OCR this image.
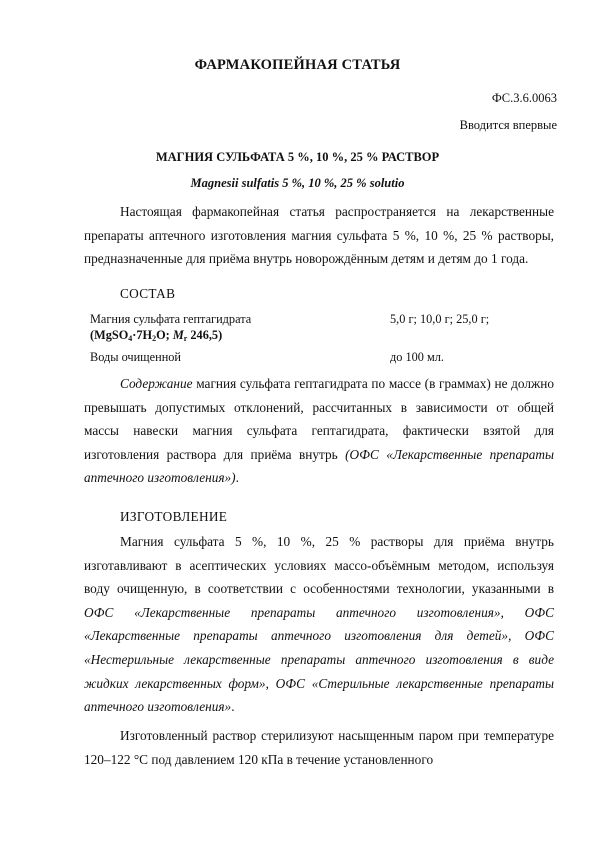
ФАРМАКОПЕЙНАЯ СТАТЬЯ
ФС.3.6.0063
Вводится впервые
МАГНИЯ СУЛЬФАТА 5 %, 10 %, 25 % РАСТВОР
Magnesii sulfatis 5 %, 10 %, 25 % solutio
Настоящая фармакопейная статья распространяется на лекарственные препараты аптечного изготовления магния сульфата 5 %, 10 %, 25 % растворы, предназначенные для приёма внутрь новорождённым детям и детям до 1 года.
СОСТАВ
Магния сульфата гептагидрата
($MgSO_4\cdot 7H_2O$; $M_r$ 246,5)
5,0 г; 10,0 г; 25,0 г;
Воды очищенной	до 100 мл.
Содержание магния сульфата гептагидрата по массе (в граммах) не должно превышать допустимых отклонений, рассчитанных в зависимости от общей массы навески магния сульфата гептагидрата, фактически взятой для изготовления раствора для приёма внутрь (ОФС «Лекарственные препараты аптечного изготовления»).
ИЗГОТОВЛЕНИЕ
Магния сульфата 5 %, 10 %, 25 % растворы для приёма внутрь изготавливают в асептических условиях массо-объёмным методом, используя воду очищенную, в соответствии с особенностями технологии, указанными в ОФС «Лекарственные препараты аптечного изготовления», ОФС «Лекарственные препараты аптечного изготовления для детей», ОФС «Нестерильные лекарственные препараты аптечного изготовления в виде жидких лекарственных форм», ОФС «Стерильные лекарственные препараты аптечного изготовления».
Изготовленный раствор стерилизуют насыщенным паром при температуре 120–122 °С под давлением 120 кПа в течение установленного
